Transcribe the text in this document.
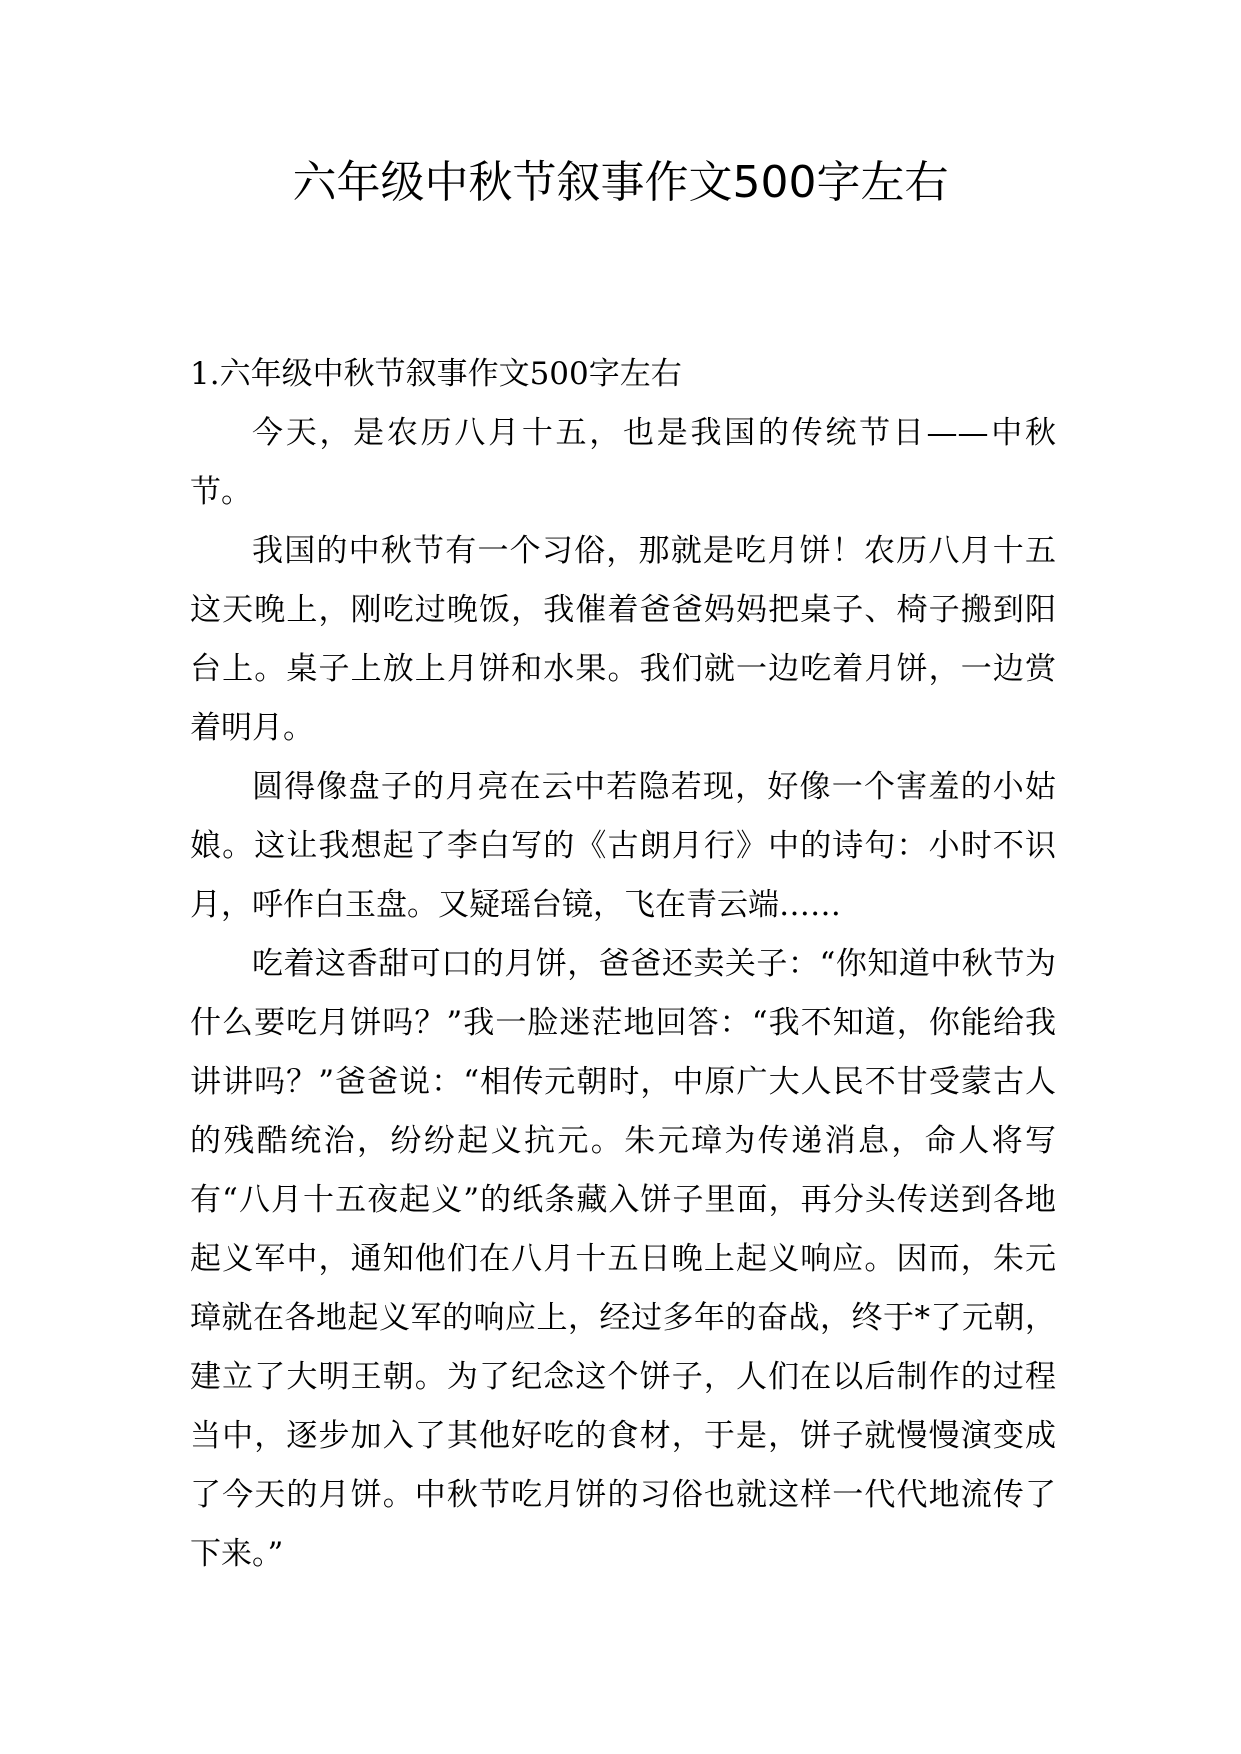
六年级中秋节叙事作文500字左右

1.六年级中秋节叙事作文500字左右

今天，是农历八月十五，也是我国的传统节日——中秋节。

我国的中秋节有一个习俗，那就是吃月饼！农历八月十五这天晚上，刚吃过晚饭，我催着爸爸妈妈把桌子、椅子搬到阳台上。桌子上放上月饼和水果。我们就一边吃着月饼，一边赏着明月。

圆得像盘子的月亮在云中若隐若现，好像一个害羞的小姑娘。这让我想起了李白写的《古朗月行》中的诗句：小时不识月，呼作白玉盘。又疑瑶台镜，飞在青云端……

吃着这香甜可口的月饼，爸爸还卖关子：“你知道中秋节为什么要吃月饼吗？”我一脸迷茫地回答：“我不知道，你能给我讲讲吗？”爸爸说：“相传元朝时，中原广大人民不甘受蒙古人的残酷统治，纷纷起义抗元。朱元璋为传递消息，命人将写有“八月十五夜起义”的纸条藏入饼子里面，再分头传送到各地起义军中，通知他们在八月十五日晚上起义响应。因而，朱元璋就在各地起义军的响应上，经过多年的奋战，终于*了元朝，建立了大明王朝。为了纪念这个饼子，人们在以后制作的过程当中，逐步加入了其他好吃的食材，于是，饼子就慢慢演变成了今天的月饼。中秋节吃月饼的习俗也就这样一代代地流传了下来。”
